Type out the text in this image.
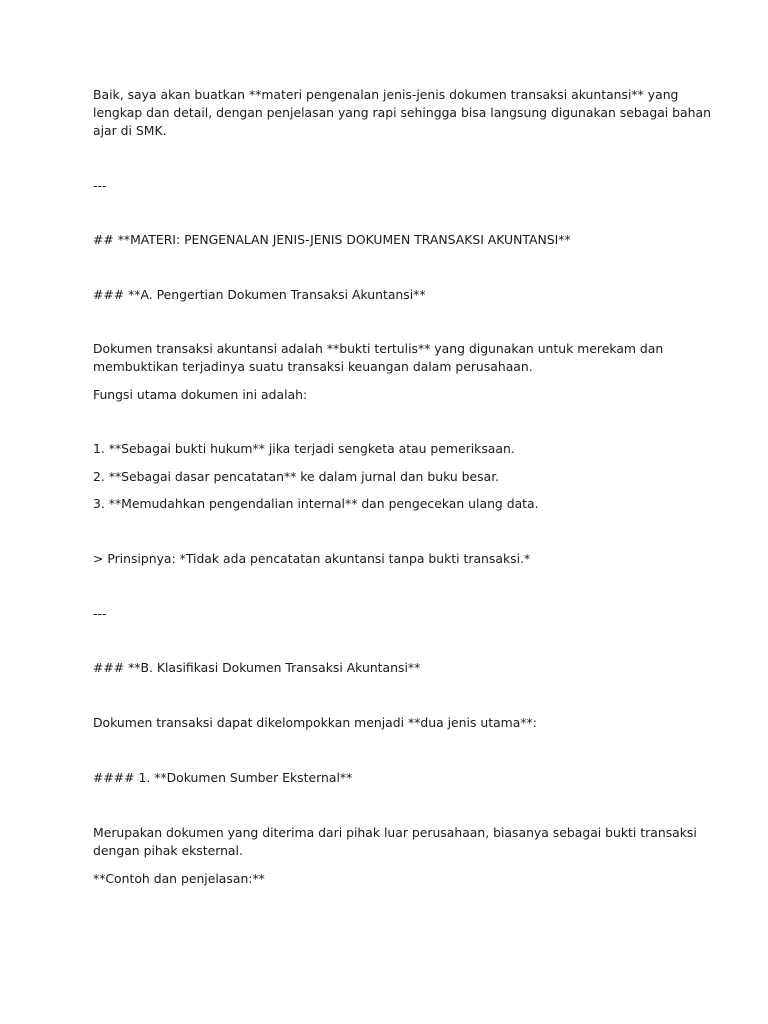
Baik, saya akan buatkan **materi pengenalan jenis-jenis dokumen transaksi akuntansi** yang

lengkap dan detail, dengan penjelasan yang rapi sehingga bisa langsung digunakan sebagai bahan

ajar di SMK.

---

## **MATERI: PENGENALAN JENIS-JENIS DOKUMEN TRANSAKSI AKUNTANSI**

### **A. Pengertian Dokumen Transaksi Akuntansi**

Dokumen transaksi akuntansi adalah **bukti tertulis** yang digunakan untuk merekam dan

membuktikan terjadinya suatu transaksi keuangan dalam perusahaan.

Fungsi utama dokumen ini adalah:

1. **Sebagai bukti hukum** jika terjadi sengketa atau pemeriksaan.

2. **Sebagai dasar pencatatan** ke dalam jurnal dan buku besar.

3. **Memudahkan pengendalian internal** dan pengecekan ulang data.

> Prinsipnya: *Tidak ada pencatatan akuntansi tanpa bukti transaksi.*

---

### **B. Klasifikasi Dokumen Transaksi Akuntansi**

Dokumen transaksi dapat dikelompokkan menjadi **dua jenis utama**:

#### 1. **Dokumen Sumber Eksternal**

Merupakan dokumen yang diterima dari pihak luar perusahaan, biasanya sebagai bukti transaksi

dengan pihak eksternal.

**Contoh dan penjelasan:**
